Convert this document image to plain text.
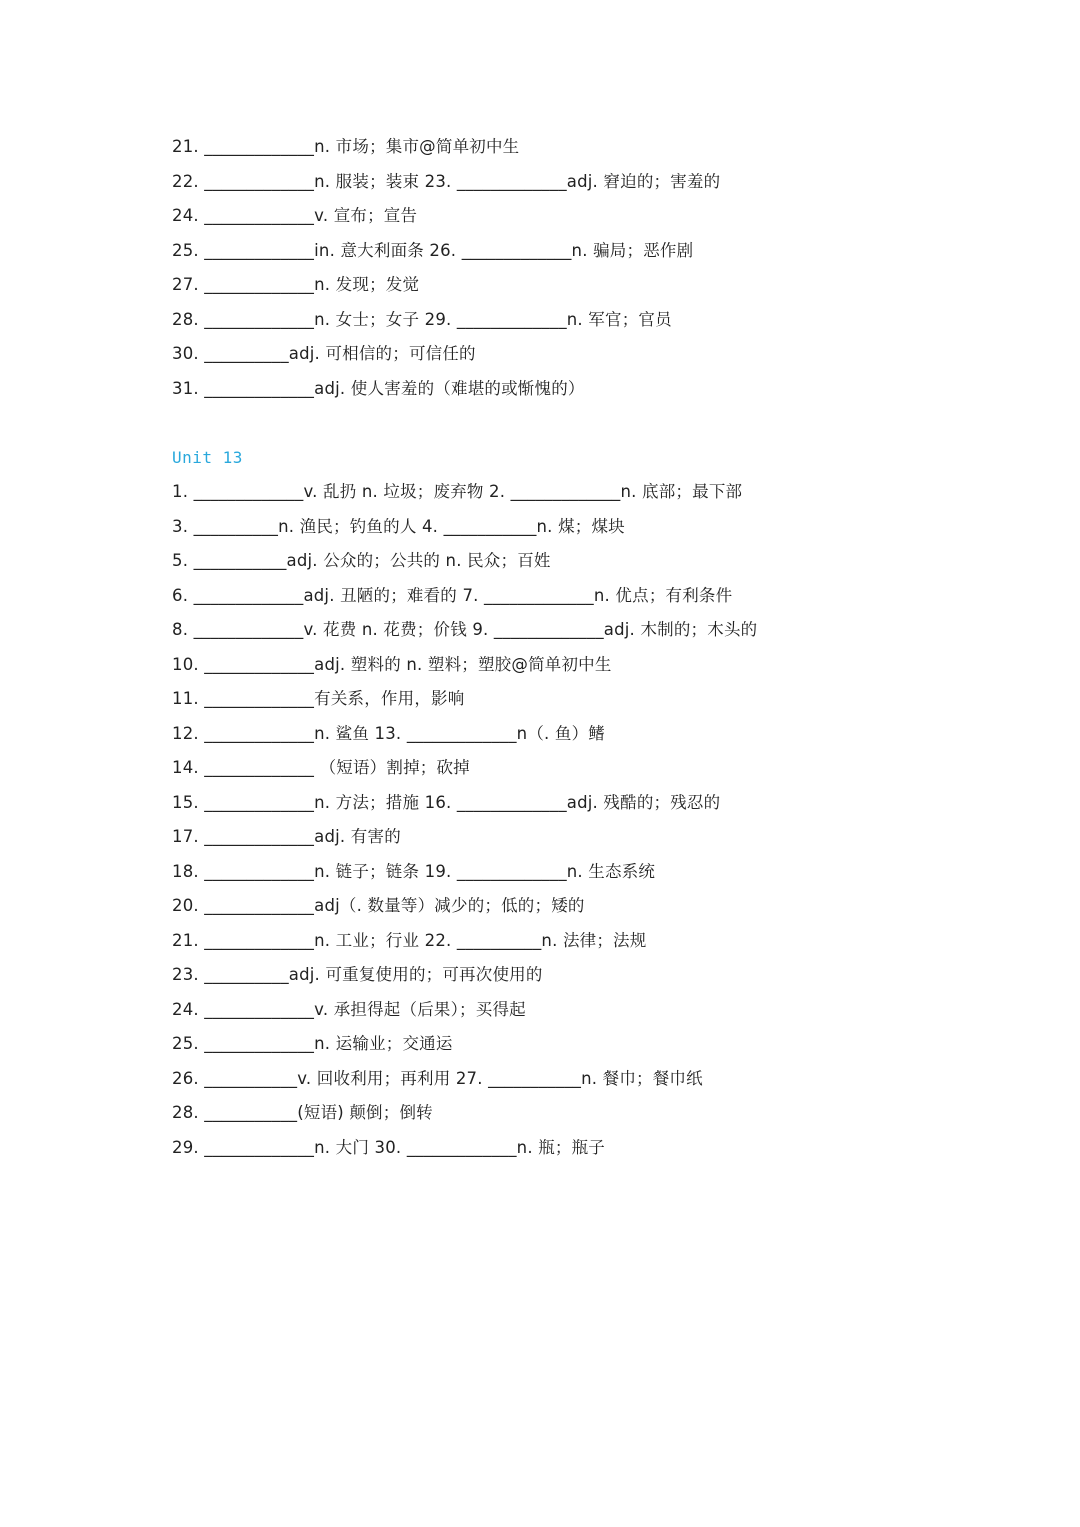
21. _____________n. 市场；集市@简单初中生
22. _____________n. 服装；装束 23. _____________adj. 窘迫的；害羞的
24. _____________v. 宣布；宣告
25. _____________in. 意大利面条 26. _____________n. 骗局；恶作剧
27. _____________n. 发现；发觉
28. _____________n. 女士；女子 29. _____________n. 军官；官员
30. __________adj. 可相信的；可信任的
31. _____________adj. 使人害羞的（难堪的或惭愧的）
Unit 13
1. _____________v. 乱扔 n. 垃圾；废弃物 2. _____________n. 底部；最下部
3. __________n. 渔民；钓鱼的人 4. ___________n. 煤；煤块
5. ___________adj. 公众的；公共的 n. 民众；百姓
6. _____________adj. 丑陋的；难看的 7. _____________n. 优点；有利条件
8. _____________v. 花费 n. 花费；价钱 9. _____________adj. 木制的；木头的
10. _____________adj. 塑料的 n. 塑料；塑胶@简单初中生
11. _____________有关系，作用，影响
12. _____________n. 鲨鱼 13. _____________n（. 鱼）鳍
14. _____________ （短语）割掉；砍掉
15. _____________n. 方法；措施 16. _____________adj. 残酷的；残忍的
17. _____________adj. 有害的
18. _____________n. 链子；链条 19. _____________n. 生态系统
20. _____________adj（. 数量等）减少的；低的；矮的
21. _____________n. 工业；行业 22. __________n. 法律；法规
23. __________adj. 可重复使用的；可再次使用的
24. _____________v. 承担得起（后果）；买得起
25. _____________n. 运输业；交通运
26. ___________v. 回收利用；再利用 27. ___________n. 餐巾；餐巾纸
28. ___________(短语) 颠倒；倒转
29. _____________n. 大门 30. _____________n. 瓶；瓶子
